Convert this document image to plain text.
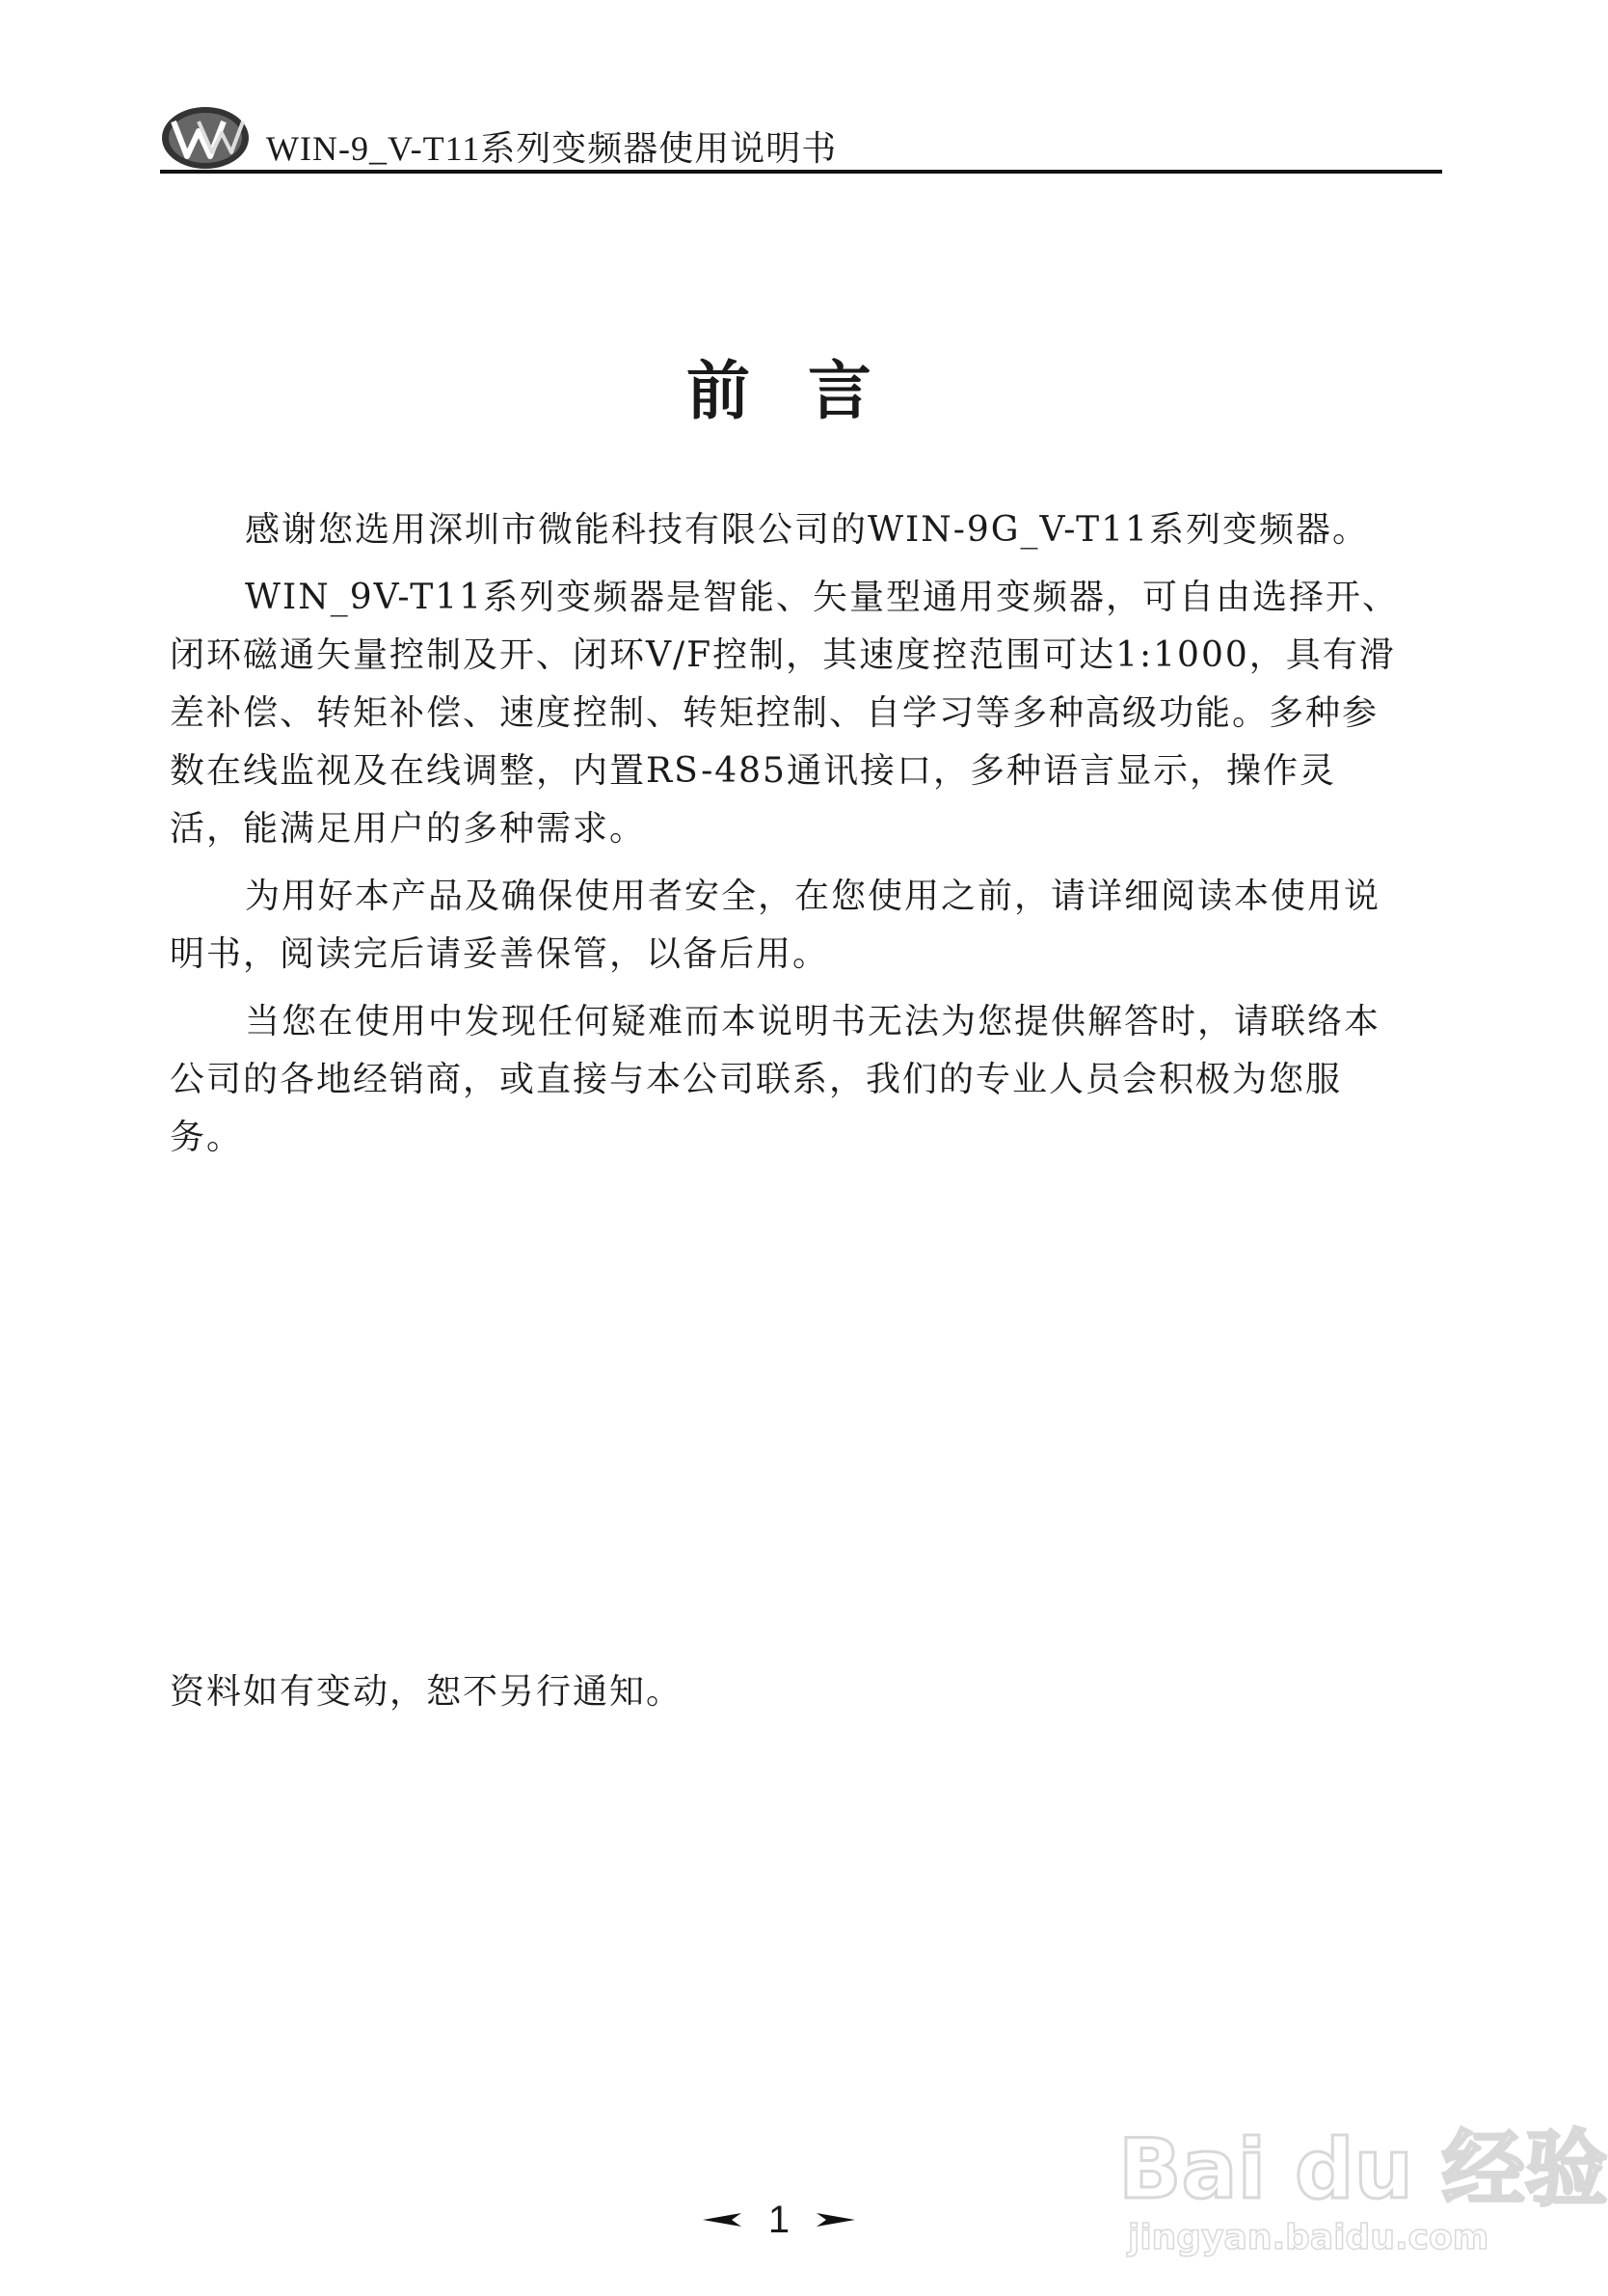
WIN-9_V-T11系列变频器使用说明书
前言

感谢您选用深圳市微能科技有限公司的WIN-9G_V-T11系列变频器。

WIN_9V-T11系列变频器是智能、矢量型通用变频器，可自由选择开、闭环磁通矢量控制及开、闭环V/F控制，其速度控范围可达1:1000，具有滑差补偿、转矩补偿、速度控制、转矩控制、自学习等多种高级功能。多种参数在线监视及在线调整，内置RS-485通讯接口，多种语言显示，操作灵活，能满足用户的多种需求。

为用好本产品及确保使用者安全，在您使用之前，请详细阅读本使用说明书，阅读完后请妥善保管，以备后用。

当您在使用中发现任何疑难而本说明书无法为您提供解答时，请联络本公司的各地经销商，或直接与本公司联系，我们的专业人员会积极为您服务。

资料如有变动，恕不另行通知。
1
Bai du 经验
jingyan.baidu.com
